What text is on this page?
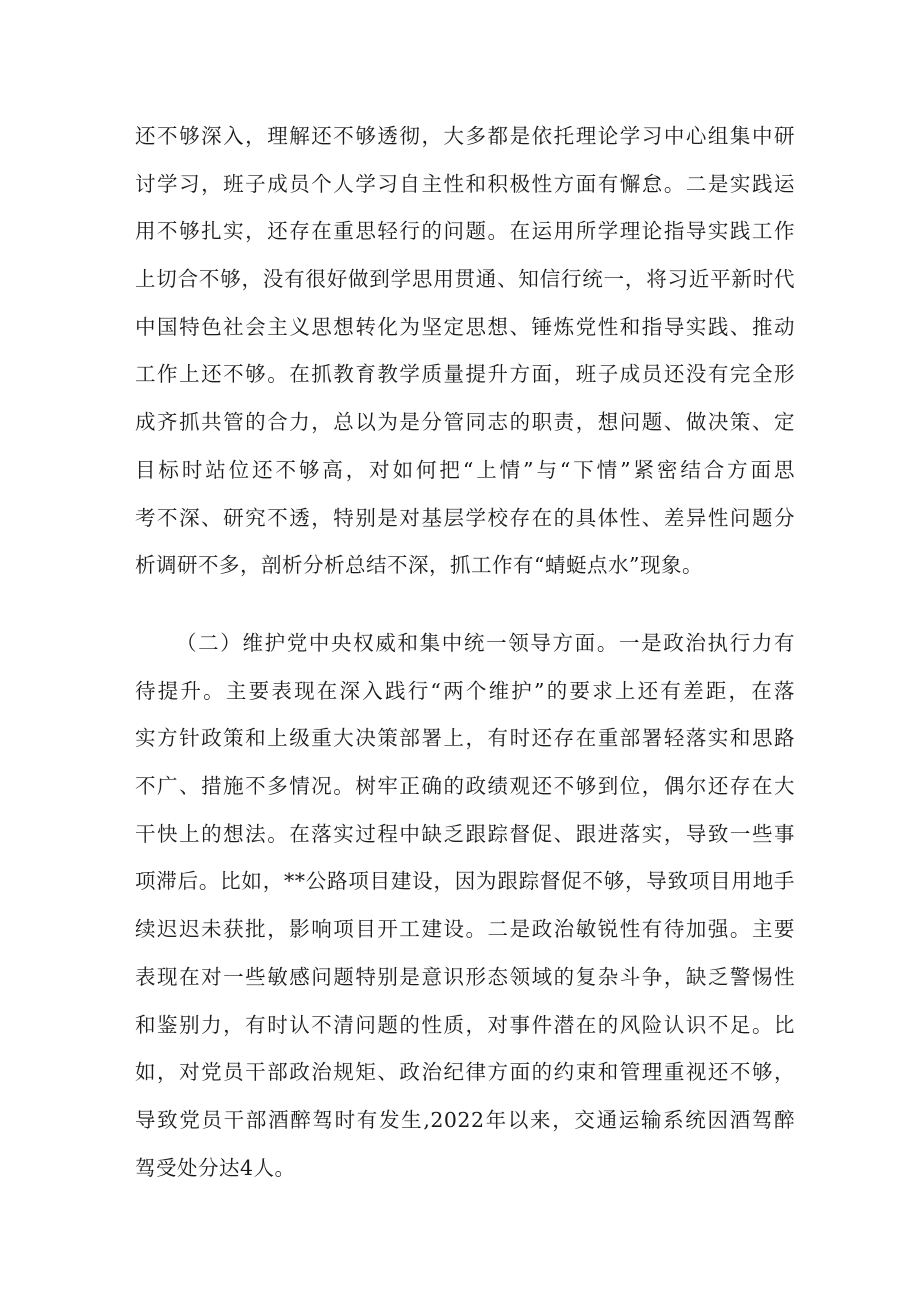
还不够深入，理解还不够透彻，大多都是依托理论学习中心组集中研
讨学习，班子成员个人学习自主性和积极性方面有懈怠。二是实践运
用不够扎实，还存在重思轻行的问题。在运用所学理论指导实践工作
上切合不够，没有很好做到学思用贯通、知信行统一，将习近平新时代
中国特色社会主义思想转化为坚定思想、锤炼党性和指导实践、推动
工作上还不够。在抓教育教学质量提升方面，班子成员还没有完全形
成齐抓共管的合力，总以为是分管同志的职责，想问题、做决策、定
目标时站位还不够高，对如何把“上情”与“下情”紧密结合方面思
考不深、研究不透，特别是对基层学校存在的具体性、差异性问题分
析调研不多，剖析分析总结不深，抓工作有“蜻蜓点水”现象。
（二）维护党中央权威和集中统一领导方面。一是政治执行力有
待提升。主要表现在深入践行“两个维护”的要求上还有差距，在落
实方针政策和上级重大决策部署上，有时还存在重部署轻落实和思路
不广、措施不多情况。树牢正确的政绩观还不够到位，偶尔还存在大
干快上的想法。在落实过程中缺乏跟踪督促、跟进落实，导致一些事
项滞后。比如，**公路项目建设，因为跟踪督促不够，导致项目用地手
续迟迟未获批，影响项目开工建设。二是政治敏锐性有待加强。主要
表现在对一些敏感问题特别是意识形态领域的复杂斗争，缺乏警惕性
和鉴别力，有时认不清问题的性质，对事件潜在的风险认识不足。比
如，对党员干部政治规矩、政治纪律方面的约束和管理重视还不够，
导致党员干部酒醉驾时有发生,2022年以来，交通运输系统因酒驾醉
驾受处分达4人。
